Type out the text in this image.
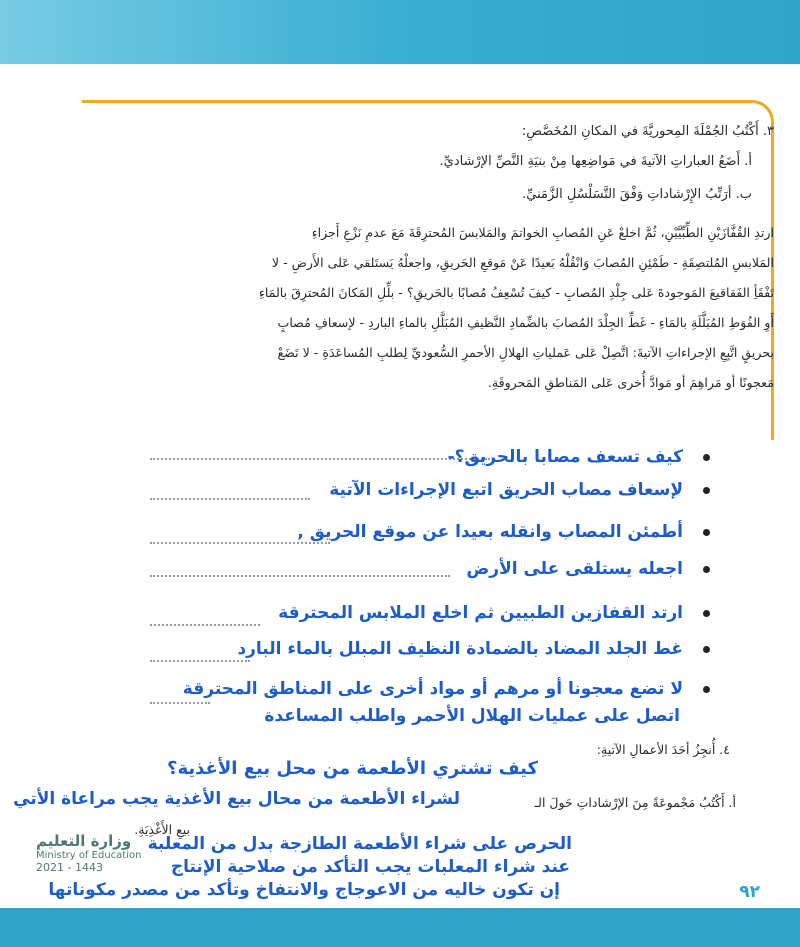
٣. أَكْتُبُ الجُمْلَةَ المِحوريَّةَ في المكانِ المُخَصَّصِ:
أ. أَضَعُ العباراتِ الآتيةَ في مَواضِعِها مِنْ بنيَةِ النَّصِّ الإرْشاديِّ.
ب. أرَتِّبُ الإِرْشاداتِ وَفْقَ التَّسَلْسُلِ الزَّمَنيِّ.
ارتدِ القُفَّازَيْنِ الطِّبِّيَّيْنِ، ثُمَّ اخلعْ عَنِ المُصابِ الخواتمَ والمَلابسَ المُحترِقَةَ مَعَ عدمِ نَزْعِ أَجزاءِ
المَلابسِ المُلتصِقَةِ - طَمْئِنِ المُصابَ وَانْقُلْهُ بَعيدًا عَنْ مَوقعِ الحَريقِ، واجعلْهُ يَستَلقي عَلى الأَرضِ - لا
تَفْقَأِ الفَقاقيعَ المَوجودةَ عَلى جِلْدِ المُصابِ - كيفَ تُسْعِفُ مُصابًا بالحَريقِ؟ - بلِّلِ المَكانَ المُحترِقَ بالمَاءِ
أَوِ الفُوَطِ المُبَلَّلَةِ بالمَاءِ - غَطِّ الجِلْدَ المُصابَ بالضِّمادِ النَّظيفِ المُبَلَّلِ بالماءِ الباردِ - لإسعافِ مُصابٍ
بحريقٍ اتَّبِعِ الإجراءاتِ الآتيةَ: اتَّصِلْ عَلى عَملياتِ الهلالِ الأحمرِ السُّعوديِّ لِطلبِ المُساعَدَةِ - لا تَضَعْ
مَعجونًا أو مَراهِمَ أو مَوادَّ أُخرى عَلى المَناطقِ المَحروقَةِ.
كيف تسعف مصابا بالحريق؟-
لإسعاف مصاب الحريق اتبع الإجراءات الآتية
أطمئن المصاب وانقله بعيدا عن موقع الحريق ,
اجعله يستلقى على الأرض
ارتد القفازين الطبيين ثم اخلع الملابس المحترقة
غط الجلد المضاد بالضمادة النظيف المبلل بالماء البارد
لا تضع معجونا أو مرهم أو مواد أخرى على المناطق المحترقة
اتصل على عمليات الهلال الأحمر واطلب المساعدة
٤. أُنجِزُ أحَدَ الأعمالِ الآتيةِ:
كيف تشتري الأطعمة من محل بيع الأغذية؟
أ. أَكْتُبُ مَجْموعَةً مِنَ الإرْشاداتِ حَولَ الـ
لشراء الأطعمة من محال بيع الأغذية يجب مراعاة الأتي
بيعِ الأَغْذِيَةِ.
الحرص على شراء الأطعمة الطازجة بدل من المعلبة
عند شراء المعلبات يجب التأكد من صلاحية الإنتاج
إن تكون خاليه من الاعوجاج والانتفاخ وتأكد من مصدر مكوناتها
وزارة التعليم
Ministry of Education
2021 - 1443
٩٢
